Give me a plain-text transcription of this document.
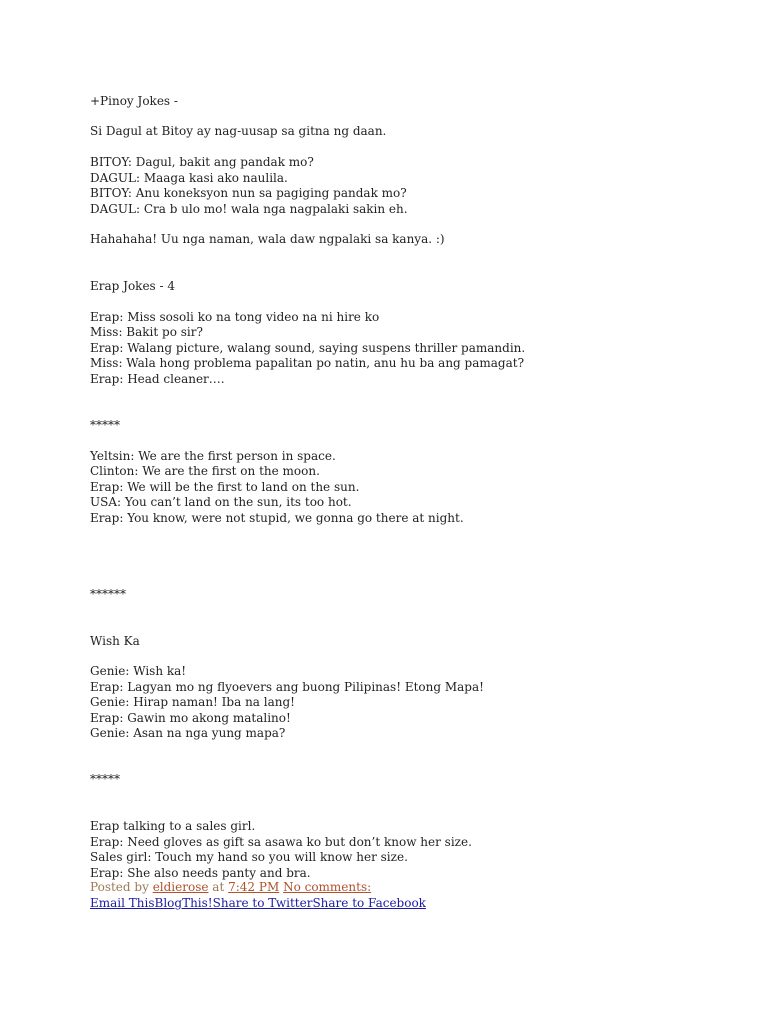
+Pinoy Jokes -
Si Dagul at Bitoy ay nag-uusap sa gitna ng daan.
BITOY: Dagul, bakit ang pandak mo?
DAGUL: Maaga kasi ako naulila.
BITOY: Anu koneksyon nun sa pagiging pandak mo?
DAGUL: Cra b ulo mo! wala nga nagpalaki sakin eh.
Hahahaha! Uu nga naman, wala daw ngpalaki sa kanya. :)
Erap Jokes - 4
Erap: Miss sosoli ko na tong video na ni hire ko
Miss: Bakit po sir?
Erap: Walang picture, walang sound, saying suspens thriller pamandin.
Miss: Wala hong problema papalitan po natin, anu hu ba ang pamagat?
Erap: Head cleaner….
*****
Yeltsin: We are the first person in space.
Clinton: We are the first on the moon.
Erap: We will be the first to land on the sun.
USA: You can’t land on the sun, its too hot.
Erap: You know, were not stupid, we gonna go there at night.
******
Wish Ka
Genie: Wish ka!
Erap: Lagyan mo ng flyoevers ang buong Pilipinas! Etong Mapa!
Genie: Hirap naman! Iba na lang!
Erap: Gawin mo akong matalino!
Genie: Asan na nga yung mapa?
*****
Erap talking to a sales girl.
Erap: Need gloves as gift sa asawa ko but don’t know her size.
Sales girl: Touch my hand so you will know her size.
Erap: She also needs panty and bra.
Posted by eldierose at 7:42 PM No comments:
Email ThisBlogThis!Share to TwitterShare to Facebook
